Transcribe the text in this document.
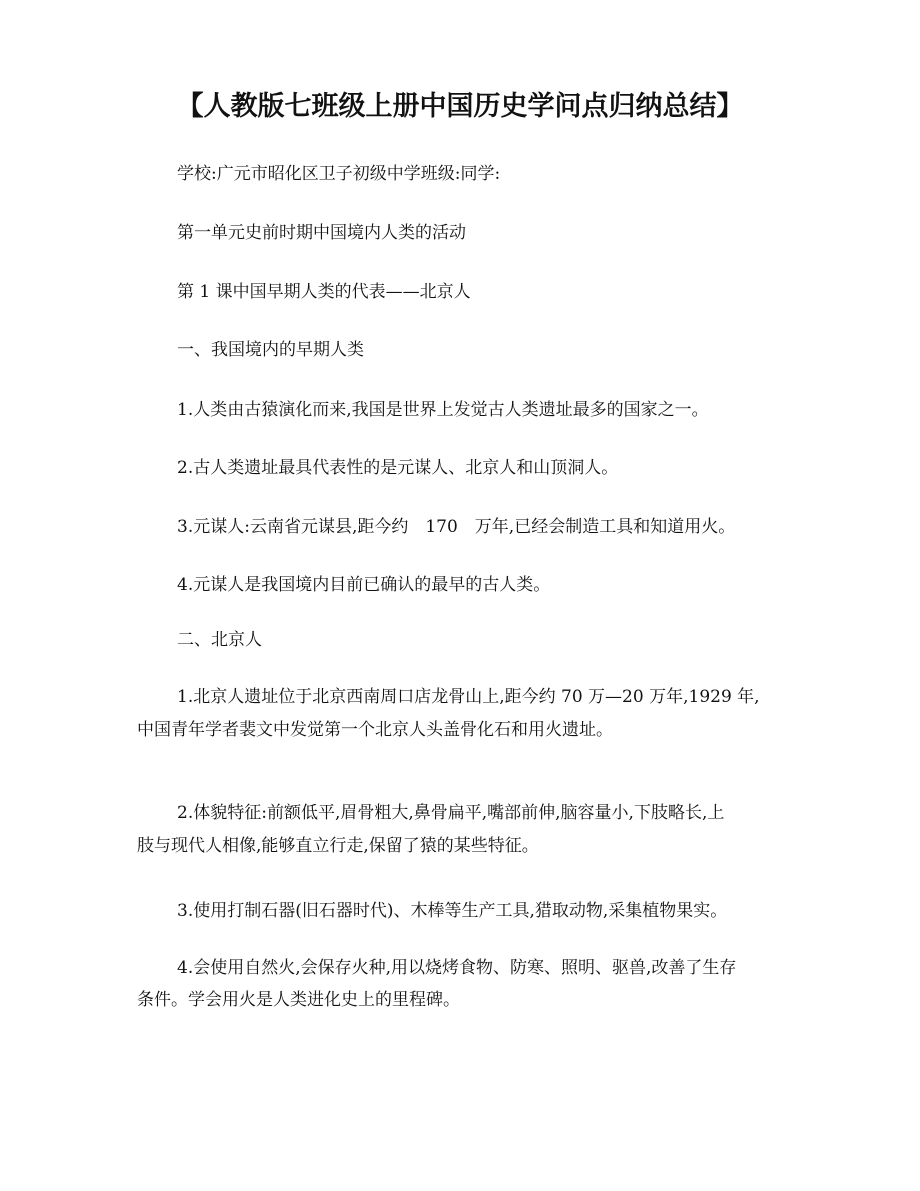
【人教版七班级上册中国历史学问点归纳总结】
学校:广元市昭化区卫子初级中学班级:同学:
第一单元史前时期中国境内人类的活动
第 1 课中国早期人类的代表——北京人
一、我国境内的早期人类
1.人类由古猿演化而来,我国是世界上发觉古人类遗址最多的国家之一。
2.古人类遗址最具代表性的是元谋人、北京人和山顶洞人。
3.元谋人:云南省元谋县,距今约　170　万年,已经会制造工具和知道用火。
4.元谋人是我国境内目前已确认的最早的古人类。
二、北京人
1.北京人遗址位于北京西南周口店龙骨山上,距今约 70 万—20 万年,1929 年,
中国青年学者裴文中发觉第一个北京人头盖骨化石和用火遗址。
2.体貌特征:前额低平,眉骨粗大,鼻骨扁平,嘴部前伸,脑容量小,下肢略长,上
肢与现代人相像,能够直立行走,保留了猿的某些特征。
3.使用打制石器(旧石器时代)、木棒等生产工具,猎取动物,采集植物果实。
4.会使用自然火,会保存火种,用以烧烤食物、防寒、照明、驱兽,改善了生存
条件。学会用火是人类进化史上的里程碑。
